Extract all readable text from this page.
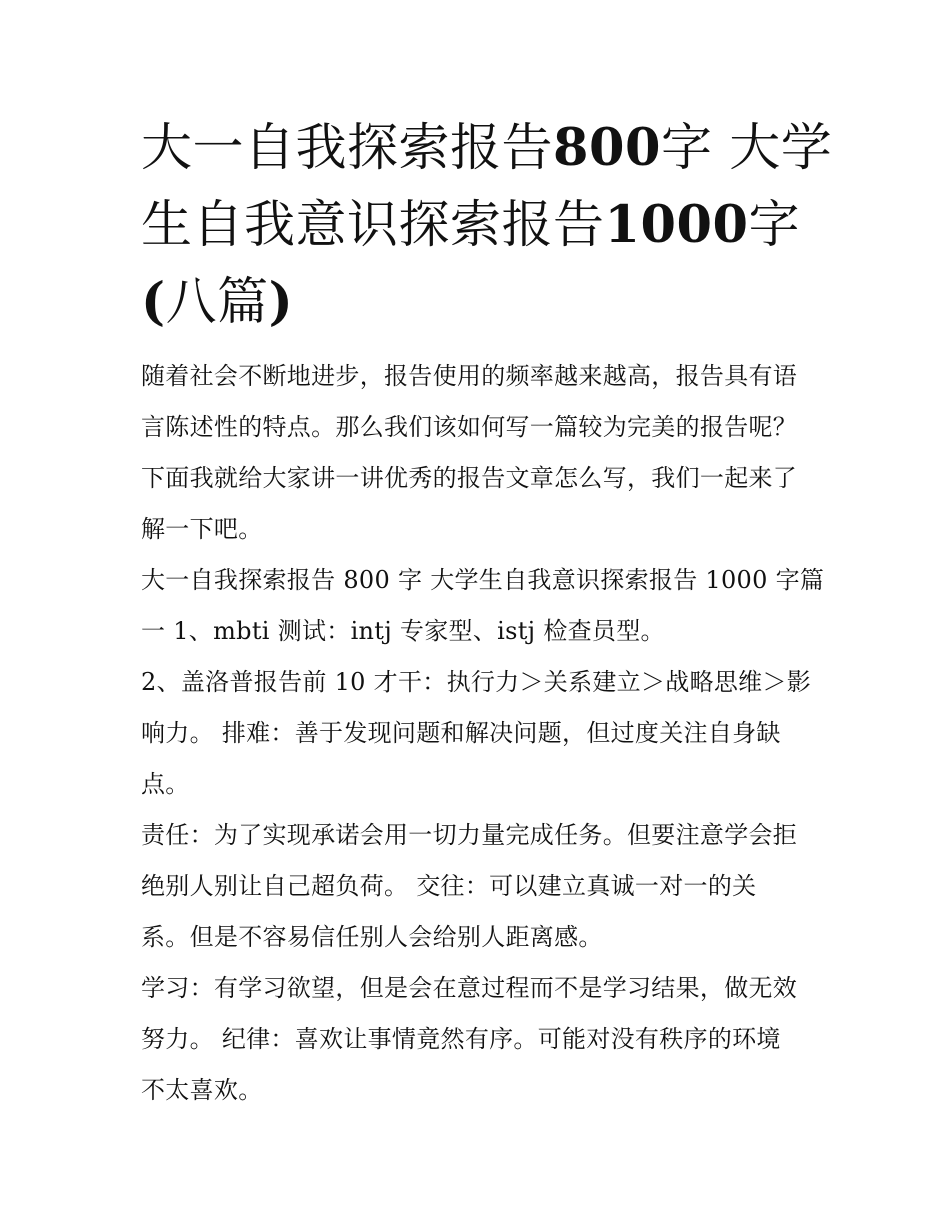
大一自我探索报告800字 大学
生自我意识探索报告1000字
(八篇)

随着社会不断地进步，报告使用的频率越来越高，报告具有语
言陈述性的特点。那么我们该如何写一篇较为完美的报告呢？
下面我就给大家讲一讲优秀的报告文章怎么写，我们一起来了
解一下吧。

大一自我探索报告 800 字 大学生自我意识探索报告 1000 字篇
一 1、mbti 测试：intj 专家型、istj 检查员型。

2、盖洛普报告前 10 才干：执行力＞关系建立＞战略思维＞影
响力。 排难：善于发现问题和解决问题，但过度关注自身缺
点。

责任：为了实现承诺会用一切力量完成任务。但要注意学会拒
绝别人别让自己超负荷。 交往：可以建立真诚一对一的关
系。但是不容易信任别人会给别人距离感。

学习：有学习欲望，但是会在意过程而不是学习结果，做无效
努力。 纪律：喜欢让事情竟然有序。可能对没有秩序的环境
不太喜欢。
